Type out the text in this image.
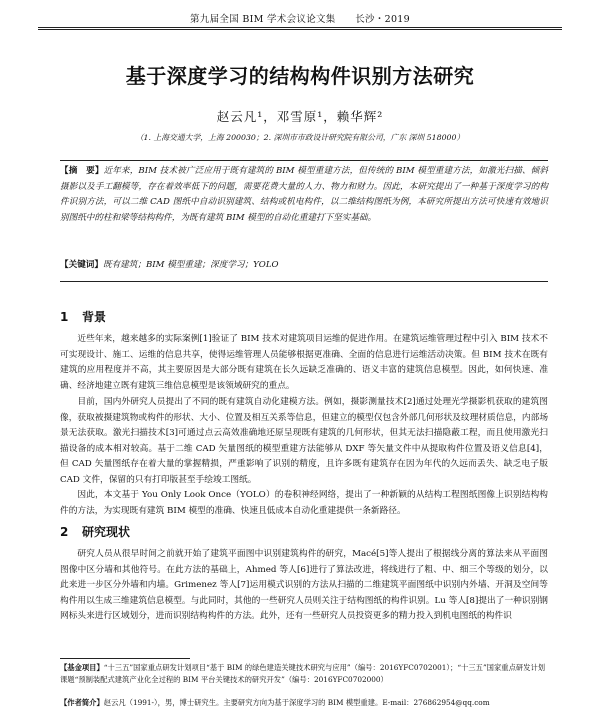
第九届全国 BIM 学术会议论文集　　长沙・2019
基于深度学习的结构构件识别方法研究
赵云凡¹，邓雪原¹，赖华辉²
（1. 上海交通大学，上海 200030；2. 深圳市市政设计研究院有限公司，广东 深圳 518000）
【摘　要】近年来，BIM 技术被广泛应用于既有建筑的 BIM 模型重建方法，但传统的 BIM 模型重建方法，如激光扫描、倾斜摄影以及手工翻模等，存在着效率低下的问题，需要花费大量的人力、物力和财力。因此，本研究提出了一种基于深度学习的构件识别方法，可以二维 CAD 图纸中自动识别建筑、结构或机电构件，以二维结构图纸为例，本研究所提出方法可快速有效地识别图纸中的柱和梁等结构构件，为既有建筑 BIM 模型的自动化重建打下坚实基础。
【关键词】既有建筑；BIM 模型重建；深度学习；YOLO
1 背景
近些年来，越来越多的实际案例[1]验证了 BIM 技术对建筑项目运维的促进作用。在建筑运维管理过程中引入 BIM 技术不可实现设计、施工、运维的信息共享，使得运维管理人员能够根据更准确、全面的信息进行运维活动决策。但 BIM 技术在既有建筑的应用程度并不高，其主要原因是大部分既有建筑在长久远缺乏准确的、语义丰富的建筑信息模型。因此，如何快速、准确、经济地建立既有建筑三维信息模型是该领域研究的重点。
目前，国内外研究人员提出了不同的既有建筑自动化建模方法。例如，摄影测量技术[2]通过处理光学摄影机获取的建筑图像，获取被摄建筑物或构件的形状、大小、位置及相互关系等信息，但建立的模型仅包含外部几何形状及纹理材质信息，内部场景无法获取。激光扫描技术[3]可通过点云高效准确地还原呈现既有建筑的几何形状，但其无法扫描隐蔽工程，而且使用激光扫描设备的成本相对较高。基于二维 CAD 矢量图纸的模型重建方法能够从 DXF 等矢量文件中从提取构件位置及语义信息[4]，但 CAD 矢量图纸存在着大量的掌握精损，严重影响了识别的精度，且许多既有建筑存在因为年代的久远而丢失、缺乏电子版 CAD 文件，保留的只有打印版甚至手绘竣工图纸。
因此，本文基于 You Only Look Once（YOLO）的卷积神经网络，提出了一种新颖的从结构工程图纸图像上识别结构构件的方法，为实现既有建筑 BIM 模型的准确、快速且低成本自动化重建提供一条新路径。
2 研究现状
研究人员从很早时间之前就开始了建筑平面图中识别建筑构件的研究，Macé[5]等人提出了根据线分离的算法来从平面图图像中区分墙和其他符号。在此方法的基础上，Ahmed 等人[6]进行了算法改进，将线进行了粗、中、细三个等级的划分，以此来进一步区分外墙和内墙。Grimenez 等人[7]运用模式识别的方法从扫描的二维建筑平面图纸中识别内外墙、开洞及空间等构件用以生成三维建筑信息模型。与此同时，其他的一些研究人员则关注于结构图纸的构件识别。Lu 等人[8]提出了一种识别钢网标头来进行区域划分，进而识别结构构件的方法。此外，还有一些研究人员投资更多的精力投入到机电图纸的构件识
【基金项目】“十三五”国家重点研发计划项目“基于 BIM 的绿色建造关键技术研究与应用”（编号：2016YFC0702001）；“十三五”国家重点研发计划课题“预制装配式建筑产业化全过程的 BIM 平台关键技术的研究开发”（编号：2016YFC0702000）
【作者简介】赵云凡（1991-），男，博士研究生。主要研究方向为基于深度学习的 BIM 模型重建。E-mail：276862954@qq.com
